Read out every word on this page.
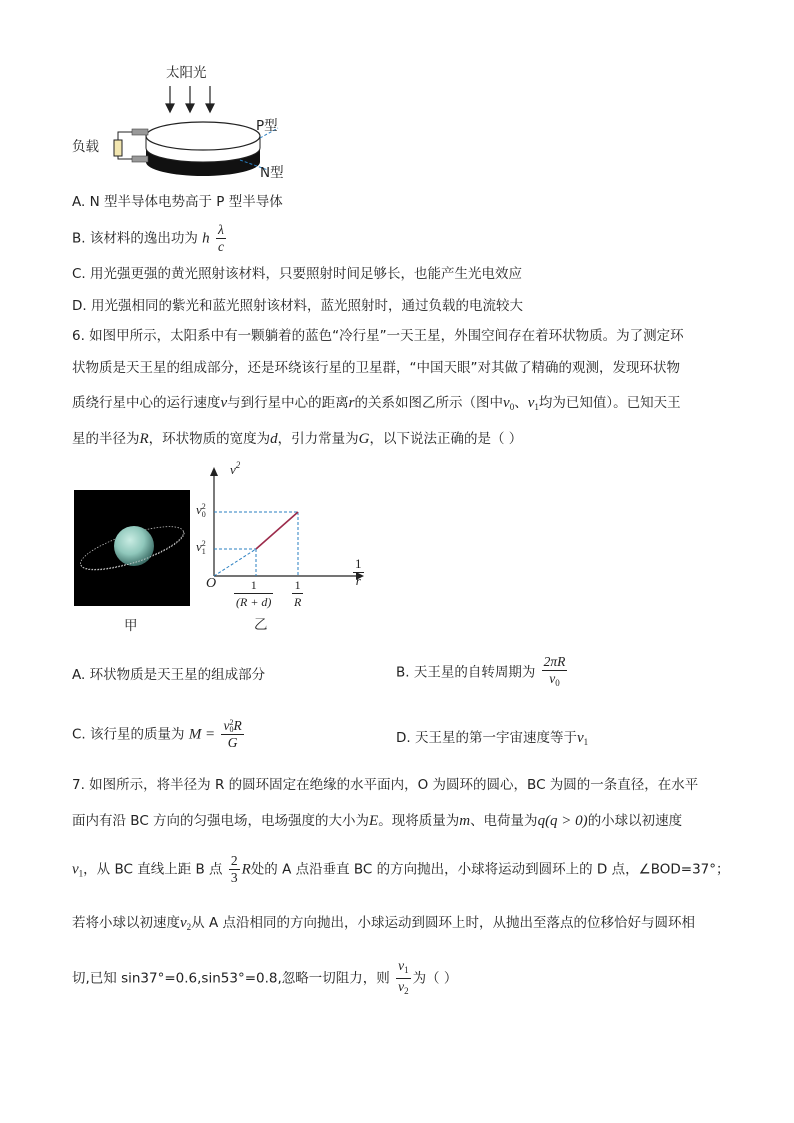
太阳光
负载
P型
N型
A. N 型半导体电势高于 P 型半导体
B. 该材料的逸出功为 h $\frac{\lambda}{c}$
C. 用光强更强的黄光照射该材料，只要照射时间足够长，也能产生光电效应
D. 用光强相同的紫光和蓝光照射该材料，蓝光照射时，通过负载的电流较大
6. 如图甲所示，太阳系中有一颗躺着的蓝色“冷行星”一天王星，外围空间存在着环状物质。为了测定环
状物质是天王星的组成部分，还是环绕该行星的卫星群，“中国天眼”对其做了精确的观测，发现环状物
质绕行星中心的运行速度v与到行星中心的距离r的关系如图乙所示（图中$v_0$、$v_1$均为已知值）。已知天王
星的半径为R，环状物质的宽度为d，引力常量为G，以下说法正确的是（ ）
甲
$v^2$
$\frac{1}{r}$
O
v 2
0
v 2
1
$\frac{1}{(R + d)} \frac{1}{R}$
乙
A. 环状物质是天王星的组成部分	B. 天王星的自转周期为 $\frac{2\pi R}{v_0}$
C. 该行星的质量为 M = v 2
0 R
G	D. 天王星的第一宇宙速度等于$v_1$
7. 如图所示，将半径为 R 的圆环固定在绝缘的水平面内，O 为圆环的圆心，BC 为圆的一条直径，在水平
面内有沿 BC 方向的匀强电场，电场强度的大小为E。现将质量为m、电荷量为q(q > 0)的小球以初速度
$v_1$，从 BC 直线上距 B 点 $\frac{2}{3}$ R处的 A 点沿垂直 BC 的方向抛出，小球将运动到圆环上的 D 点，∠BOD=37°；
若将小球以初速度$v_2$从 A 点沿相同的方向抛出，小球运动到圆环上时，从抛出至落点的位移恰好与圆环相
切,已知 sin37°=0.6,sin53°=0.8,忽略一切阻力，则 $\frac{v_1}{v_2}$ 为（ ）
